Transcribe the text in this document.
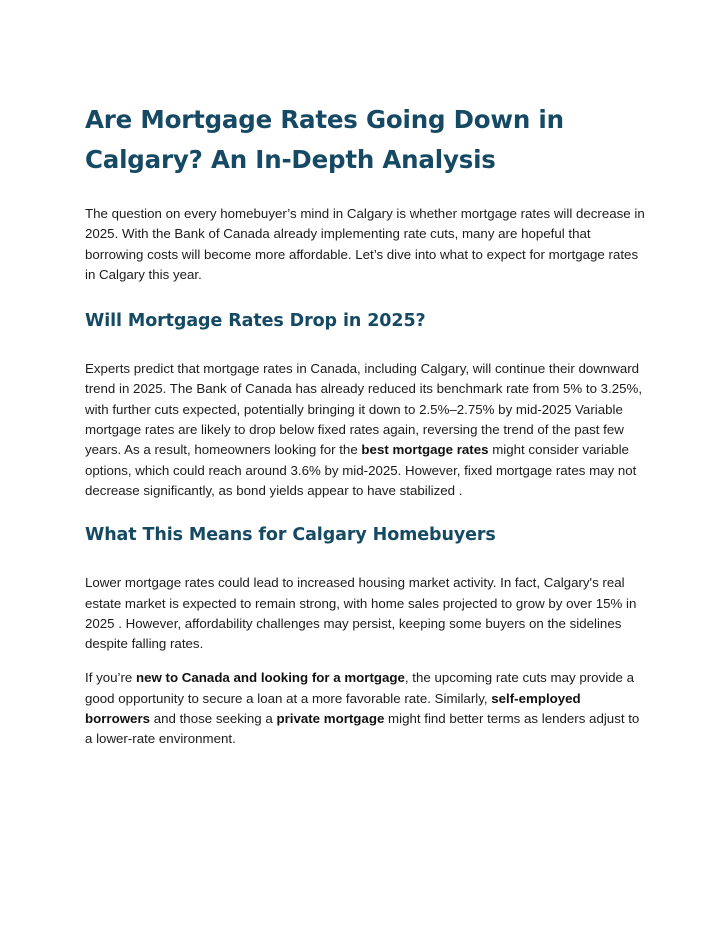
Are Mortgage Rates Going Down in Calgary? An In-Depth Analysis

The question on every homebuyer’s mind in Calgary is whether mortgage rates will decrease in 2025. With the Bank of Canada already implementing rate cuts, many are hopeful that borrowing costs will become more affordable. Let’s dive into what to expect for mortgage rates in Calgary this year.

Will Mortgage Rates Drop in 2025?

Experts predict that mortgage rates in Canada, including Calgary, will continue their downward trend in 2025. The Bank of Canada has already reduced its benchmark rate from 5% to 3.25%, with further cuts expected, potentially bringing it down to 2.5%–2.75% by mid-2025 Variable mortgage rates are likely to drop below fixed rates again, reversing the trend of the past few years. As a result, homeowners looking for the best mortgage rates might consider variable options, which could reach around 3.6% by mid-2025. However, fixed mortgage rates may not decrease significantly, as bond yields appear to have stabilized .

What This Means for Calgary Homebuyers

Lower mortgage rates could lead to increased housing market activity. In fact, Calgary's real estate market is expected to remain strong, with home sales projected to grow by over 15% in 2025 . However, affordability challenges may persist, keeping some buyers on the sidelines despite falling rates.

If you’re new to Canada and looking for a mortgage, the upcoming rate cuts may provide a good opportunity to secure a loan at a more favorable rate. Similarly, self-employed borrowers and those seeking a private mortgage might find better terms as lenders adjust to a lower-rate environment.
